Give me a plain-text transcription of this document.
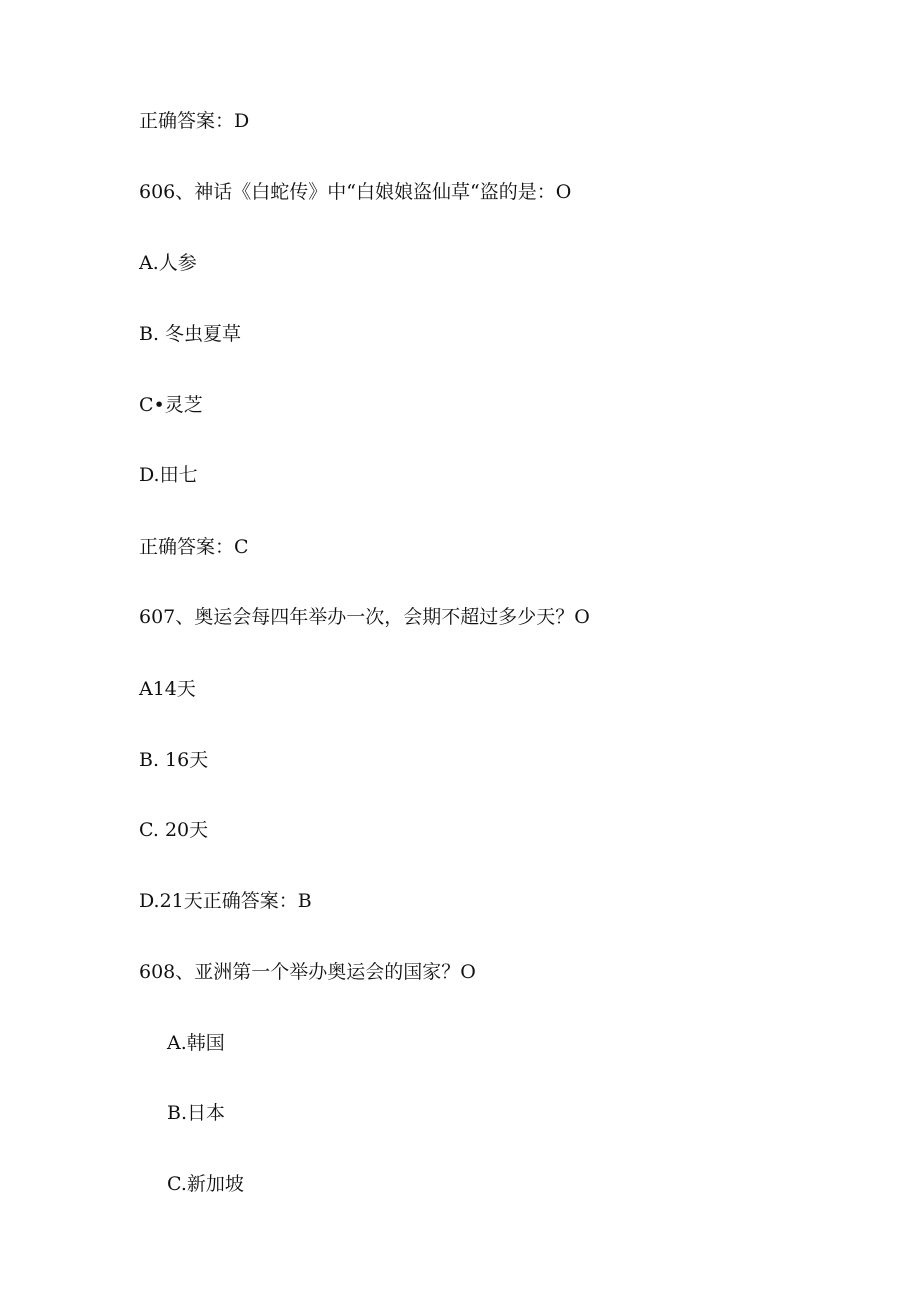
正确答案：D
606、神话《白蛇传》中“白娘娘盗仙草“盗的是：O
A.人参
B. 冬虫夏草
C•灵芝
D.田七
正确答案：C
607、奥运会每四年举办一次，会期不超过多少天？O
A14天
B. 16天
C. 20天
D.21天正确答案：B
608、亚洲第一个举办奥运会的国家？O
A.韩国
B.日本
C.新加坡
